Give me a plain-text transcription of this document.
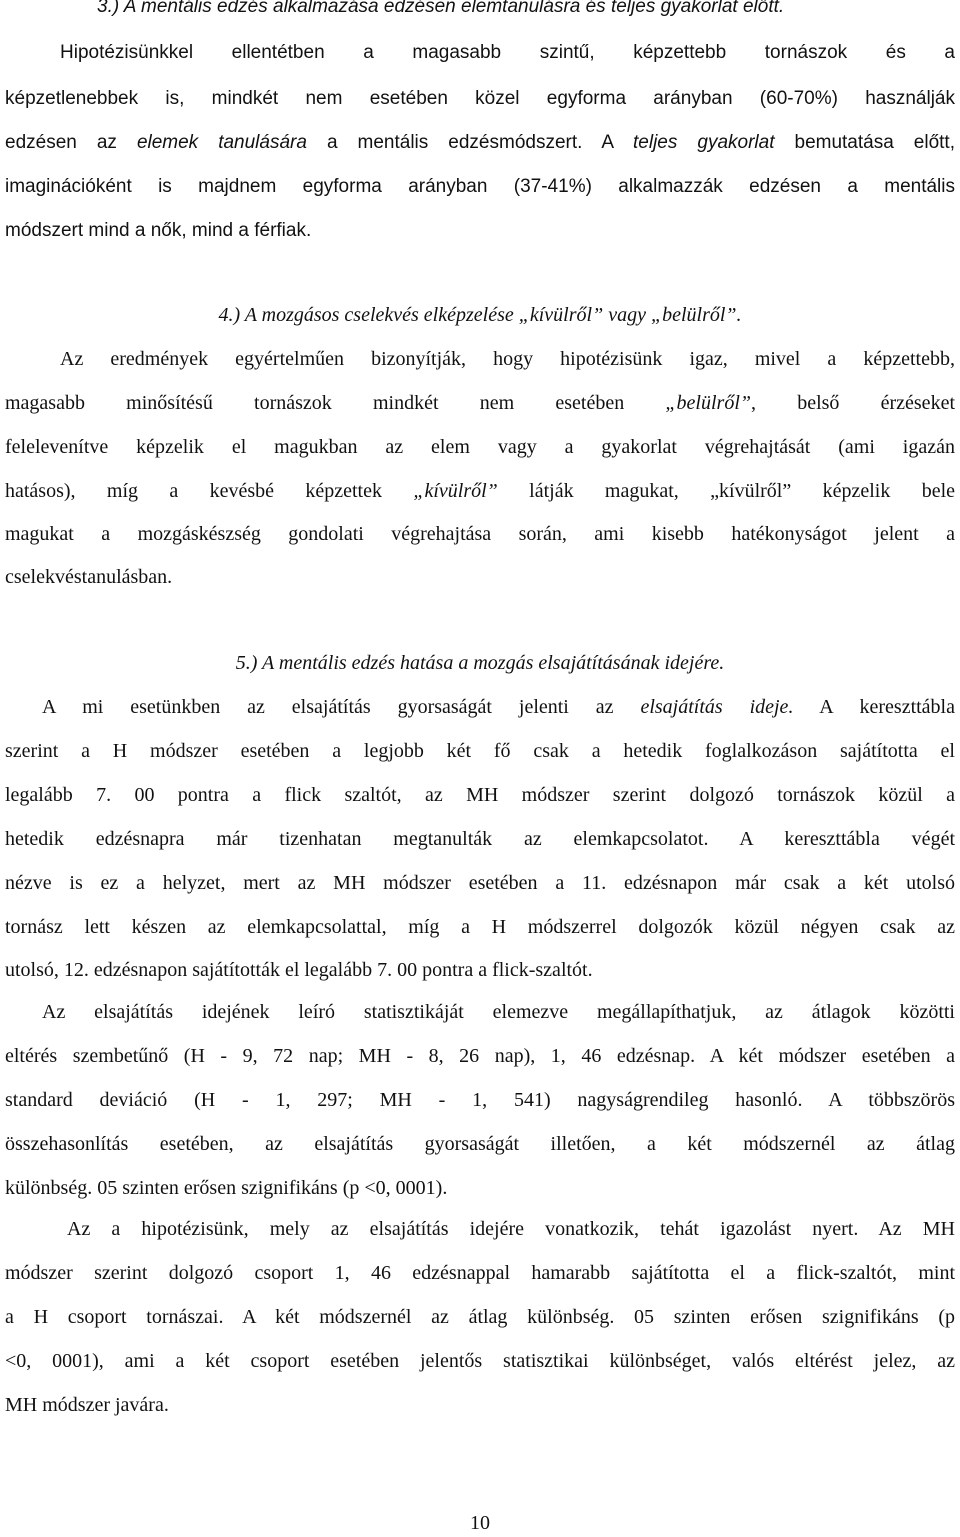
3.) A mentális edzés alkalmazása edzésen elemtanulásra és teljes gyakorlat előtt.
Hipotézisünkkel ellentétben a magasabb szintű, képzettebb tornászok és a
képzetlenebbek is, mindkét nem esetében közel egyforma arányban (60-70%) használják
edzésen az elemek tanulására a mentális edzésmódszert. A teljes gyakorlat bemutatása előtt,
imaginációként is majdnem egyforma arányban (37-41%) alkalmazzák edzésen a mentális
módszert mind a nők, mind a férfiak.
4.) A mozgásos cselekvés elképzelése „kívülről” vagy „belülről”.
Az eredmények egyértelműen bizonyítják, hogy hipotézisünk igaz, mivel a képzettebb,
magasabb minősítésű tornászok mindkét nem esetében „belülről”, belső érzéseket
felelevenítve képzelik el magukban az elem vagy a gyakorlat végrehajtását (ami igazán
hatásos), míg a kevésbé képzettek „kívülről” látják magukat, „kívülről” képzelik bele
magukat a mozgáskészség gondolati végrehajtása során, ami kisebb hatékonyságot jelent a
cselekvéstanulásban.
5.) A mentális edzés hatása a mozgás elsajátításának idejére.
A mi esetünkben az elsajátítás gyorsaságát jelenti az elsajátítás ideje. A kereszttábla
szerint a H módszer esetében a legjobb két fő csak a hetedik foglalkozáson sajátította el
legalább 7. 00 pontra a flick szaltót, az MH módszer szerint dolgozó tornászok közül a
hetedik edzésnapra már tizenhatan megtanulták az elemkapcsolatot. A kereszttábla végét
nézve is ez a helyzet, mert az MH módszer esetében a 11. edzésnapon már csak a két utolsó
tornász lett készen az elemkapcsolattal, míg a H módszerrel dolgozók közül négyen csak az
utolsó, 12. edzésnapon sajátították el legalább 7. 00 pontra a flick-szaltót.
Az elsajátítás idejének leíró statisztikáját elemezve megállapíthatjuk, az átlagok közötti
eltérés szembetűnő (H - 9, 72 nap; MH - 8, 26 nap), 1, 46 edzésnap. A két módszer esetében a
standard deviáció (H - 1, 297; MH - 1, 541) nagyságrendileg hasonló. A többszörös
összehasonlítás esetében, az elsajátítás gyorsaságát illetően, a két módszernél az átlag
különbség. 05 szinten erősen szignifikáns (p <0, 0001).
Az a hipotézisünk, mely az elsajátítás idejére vonatkozik, tehát igazolást nyert. Az MH
módszer szerint dolgozó csoport 1, 46 edzésnappal hamarabb sajátította el a flick-szaltót, mint
a H csoport tornászai. A két módszernél az átlag különbség. 05 szinten erősen szignifikáns (p
<0, 0001), ami a két csoport esetében jelentős statisztikai különbséget, valós eltérést jelez, az
MH módszer javára.
10
